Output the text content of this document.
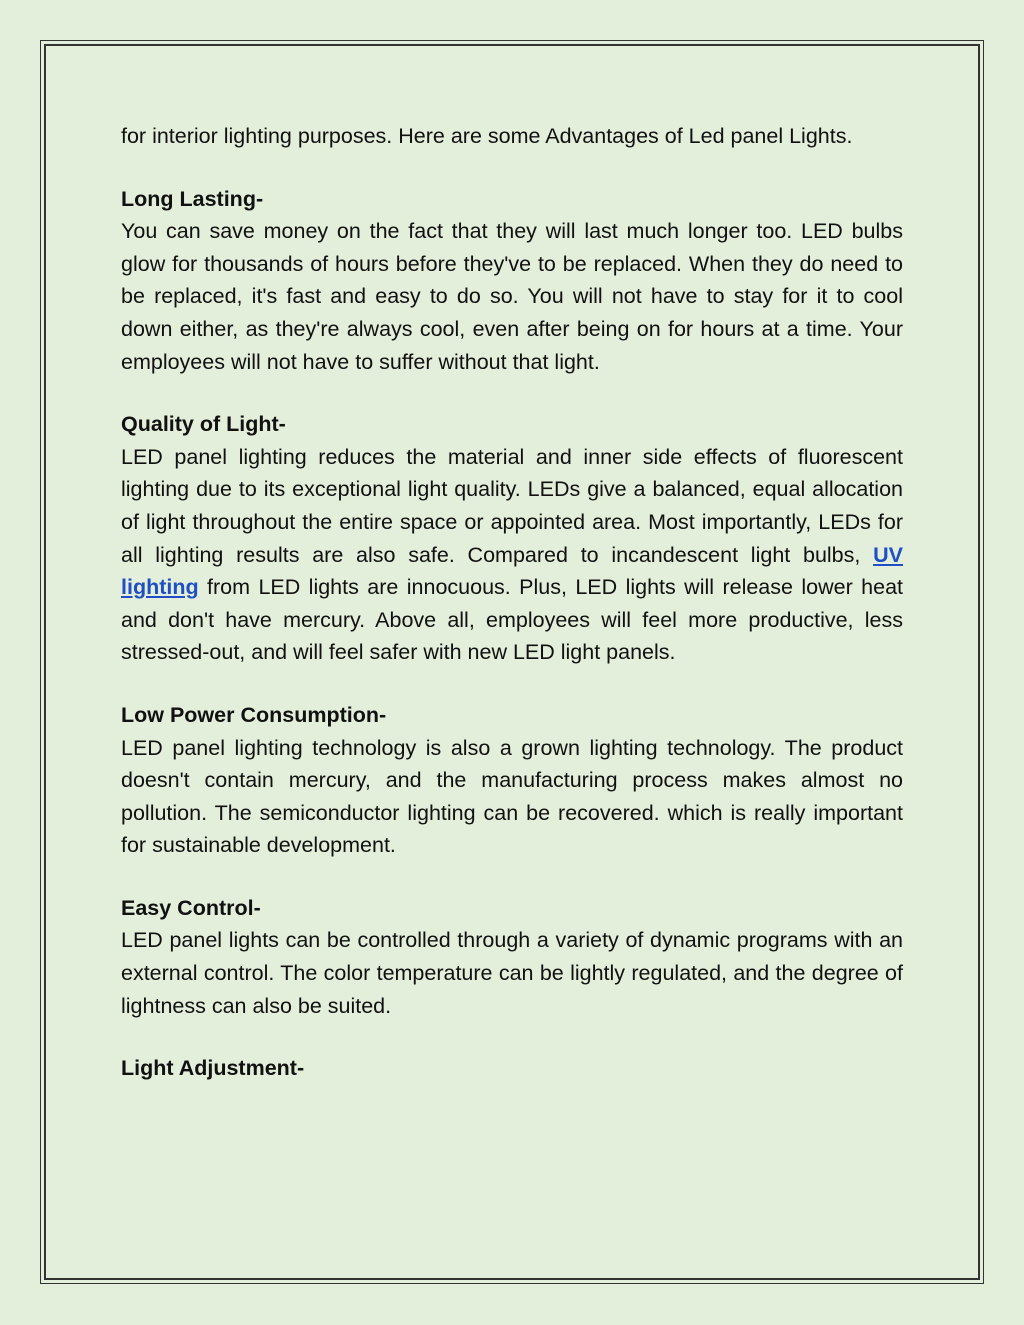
for interior lighting purposes. Here are some Advantages of Led panel Lights.

Long Lasting-

You can save money on the fact that they will last much longer too. LED bulbs glow for thousands of hours before they've to be replaced. When they do need to be replaced, it's fast and easy to do so. You will not have to stay for it to cool down either, as they're always cool, even after being on for hours at a time. Your employees will not have to suffer without that light.

Quality of Light-

LED panel lighting reduces the material and inner side effects of fluorescent lighting due to its exceptional light quality. LEDs give a balanced, equal allocation of light throughout the entire space or appointed area. Most importantly, LEDs for all lighting results are also safe. Compared to incandescent light bulbs, UV lighting from LED lights are innocuous. Plus, LED lights will release lower heat and don't have mercury. Above all, employees will feel more productive, less stressed-out, and will feel safer with new LED light panels.

Low Power Consumption-

LED panel lighting technology is also a grown lighting technology. The product doesn't contain mercury, and the manufacturing process makes almost no pollution. The semiconductor lighting can be recovered. which is really important for sustainable development.

Easy Control-

LED panel lights can be controlled through a variety of dynamic programs with an external control. The color temperature can be lightly regulated, and the degree of lightness can also be suited.

Light Adjustment-
